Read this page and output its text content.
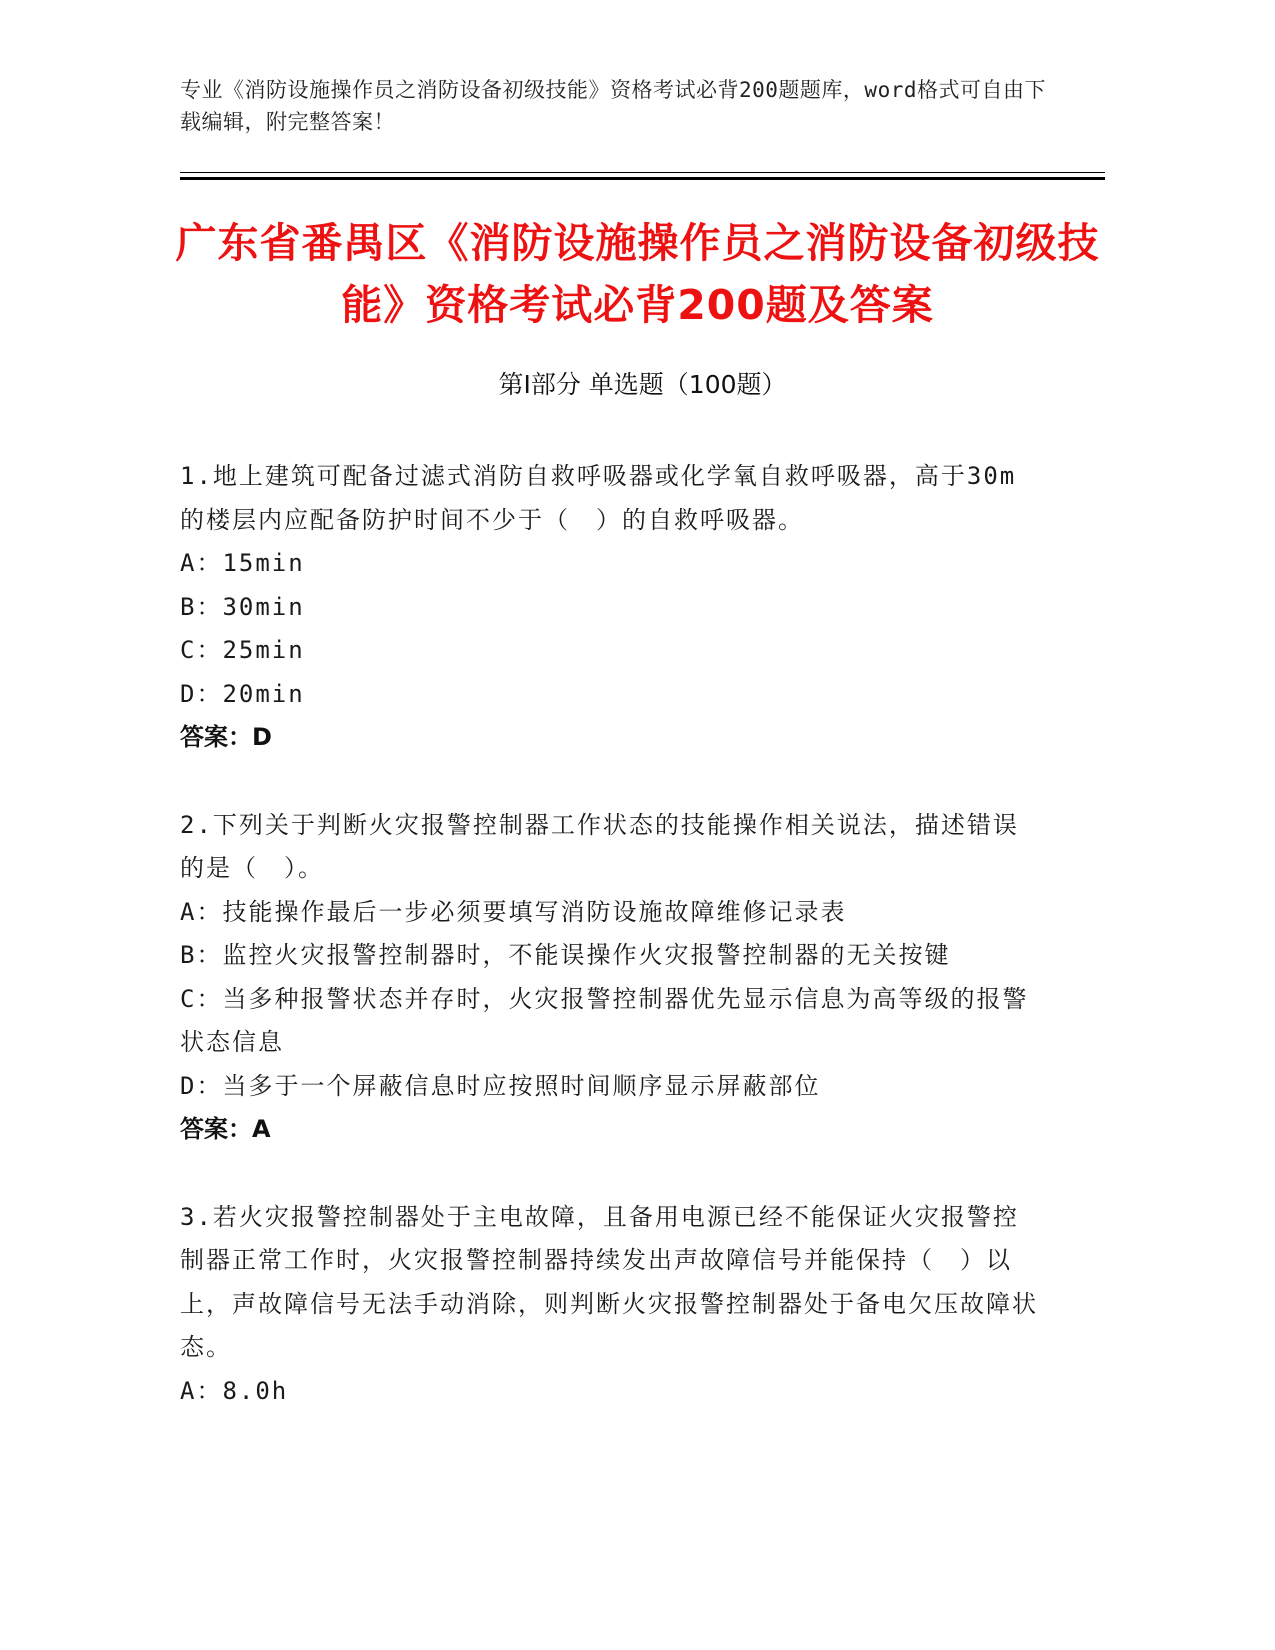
专业《消防设施操作员之消防设备初级技能》资格考试必背200题题库，word格式可自由下载编辑，附完整答案！
广东省番禺区《消防设施操作员之消防设备初级技能》资格考试必背200题及答案
第Ⅰ部分 单选题（100题）
1.地上建筑可配备过滤式消防自救呼吸器或化学氧自救呼吸器，高于30m的楼层内应配备防护时间不少于（　）的自救呼吸器。
A：15min
B：30min
C：25min
D：20min
答案：D
2.下列关于判断火灾报警控制器工作状态的技能操作相关说法，描述错误的是（　）。
A：技能操作最后一步必须要填写消防设施故障维修记录表
B：监控火灾报警控制器时，不能误操作火灾报警控制器的无关按键
C：当多种报警状态并存时，火灾报警控制器优先显示信息为高等级的报警状态信息
D：当多于一个屏蔽信息时应按照时间顺序显示屏蔽部位
答案：A
3.若火灾报警控制器处于主电故障，且备用电源已经不能保证火灾报警控制器正常工作时，火灾报警控制器持续发出声故障信号并能保持（　）以上，声故障信号无法手动消除，则判断火灾报警控制器处于备电欠压故障状态。
A：8.0h
